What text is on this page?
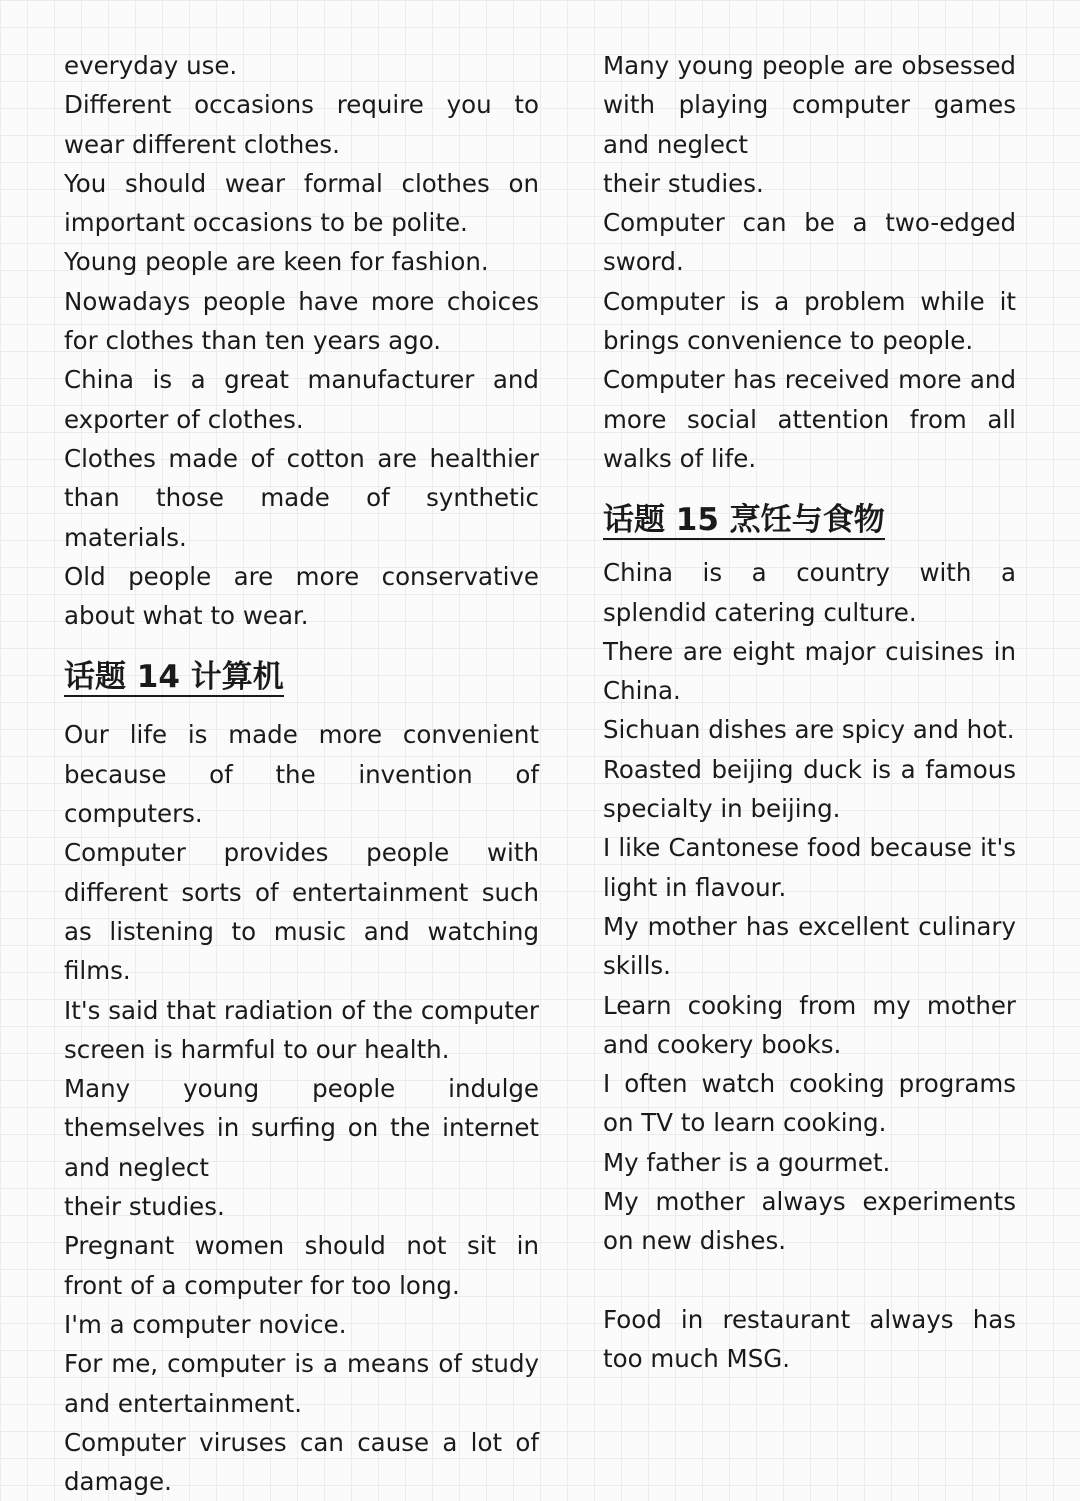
everyday use.

Different occasions require you to wear different clothes.

You should wear formal clothes on important occasions to be polite.

Young people are keen for fashion.

Nowadays people have more choices for clothes than ten years ago.

China is a great manufacturer and exporter of clothes.

Clothes made of cotton are healthier than those made of synthetic materials.

Old people are more conservative about what to wear.

话题 14 计算机

Our life is made more convenient because of the invention of computers.

Computer provides people with different sorts of entertainment such as listening to music and watching films.

It's said that radiation of the computer screen is harmful to our health.

Many young people indulge themselves in surfing on the internet and neglect
their studies.

Pregnant women should not sit in front of a computer for too long.

I'm a computer novice.

For me, computer is a means of study and entertainment.

Computer viruses can cause a lot of damage.

Many young people are obsessed with playing computer games and neglect
their studies.

Computer can be a two-edged sword.

Computer is a problem while it brings convenience to people.

Computer has received more and more social attention from all walks of life.

话题 15 烹饪与食物

China is a country with a splendid catering culture.

There are eight major cuisines in China.

Sichuan dishes are spicy and hot.

Roasted beijing duck is a famous specialty in beijing.

I like Cantonese food because it's light in flavour.

My mother has excellent culinary skills.

Learn cooking from my mother and cookery books.

I often watch cooking programs on TV to learn cooking.

My father is a gourmet.

My mother always experiments on new dishes.

Food in restaurant always has too much MSG.
